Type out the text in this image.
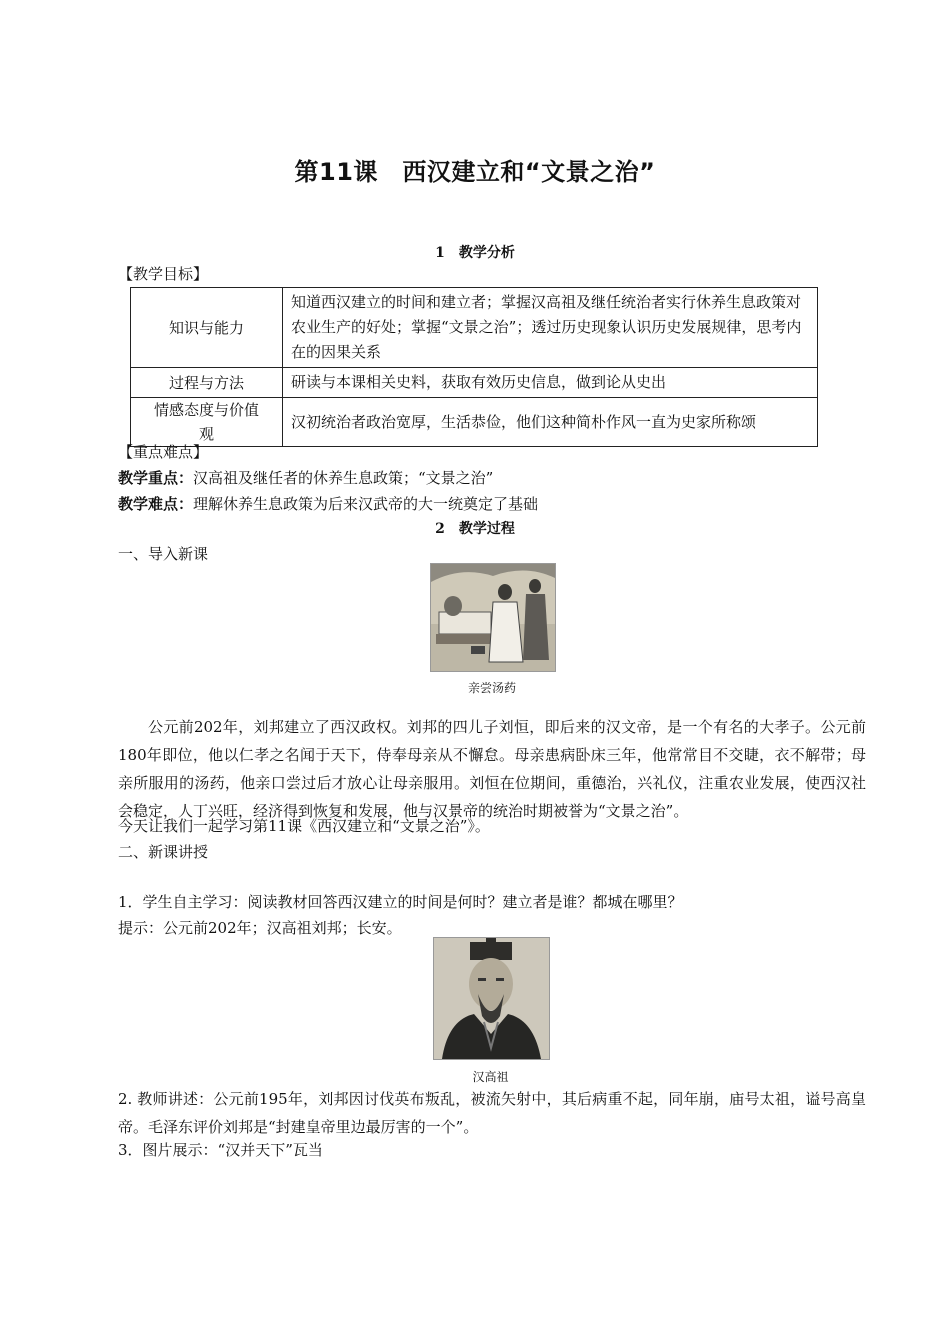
第11课　西汉建立和“文景之治”
1　教学分析
【教学目标】
知识与能力	知道西汉建立的时间和建立者；掌握汉高祖及继任统治者实行休养生息政策对农业生产的好处；掌握“文景之治”；透过历史现象认识历史发展规律，思考内在的因果关系
过程与方法	研读与本课相关史料，获取有效历史信息，做到论从史出
情感态度与价值观	汉初统治者政治宽厚，生活恭俭，他们这种简朴作风一直为史家所称颂
【重点难点】
教学重点：汉高祖及继任者的休养生息政策；“文景之治”
教学难点：理解休养生息政策为后来汉武帝的大一统奠定了基础
2　教学过程
一、导入新课
亲尝汤药
公元前202年，刘邦建立了西汉政权。刘邦的四儿子刘恒，即后来的汉文帝，是一个有名的大孝子。公元前180年即位，他以仁孝之名闻于天下，侍奉母亲从不懈怠。母亲患病卧床三年，他常常目不交睫，衣不解带；母亲所服用的汤药，他亲口尝过后才放心让母亲服用。刘恒在位期间，重德治，兴礼仪，注重农业发展，使西汉社会稳定，人丁兴旺，经济得到恢复和发展，他与汉景帝的统治时期被誉为“文景之治”。
今天让我们一起学习第11课《西汉建立和“文景之治”》。
二、新课讲授
1．学生自主学习：阅读教材回答西汉建立的时间是何时？建立者是谁？都城在哪里？
提示：公元前202年；汉高祖刘邦；长安。
汉高祖
2. 教师讲述：公元前195年，刘邦因讨伐英布叛乱，被流矢射中，其后病重不起，同年崩，庙号太祖，谥号高皇帝。毛泽东评价刘邦是“封建皇帝里边最厉害的一个”。
3．图片展示：“汉并天下”瓦当
